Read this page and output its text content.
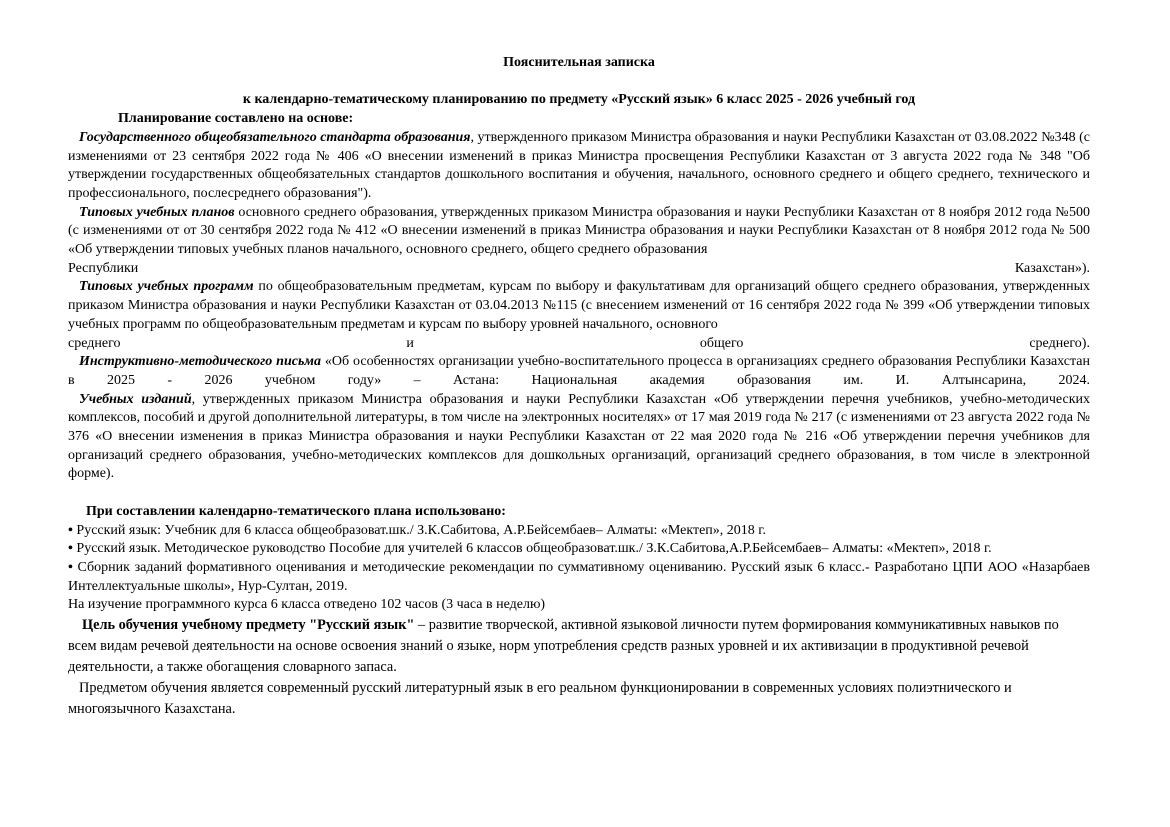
Пояснительная записка

к календарно-тематическому планированию по предмету «Русский язык» 6 класс 2025 - 2026 учебный год

Планирование составлено на основе:

Государственного общеобязательного стандарта образования, утвержденного приказом Министра образования и науки Республики Казахстан от 03.08.2022 №348 (с изменениями от 23 сентября 2022 года № 406 «О внесении изменений в приказ Министра просвещения Республики Казахстан от 3 августа 2022 года № 348 "Об утверждении государственных общеобязательных стандартов дошкольного воспитания и обучения, начального, основного среднего и общего среднего, технического и профессионального, послесреднего образования").

Типовых учебных планов основного среднего образования, утвержденных приказом Министра образования и науки Республики Казахстан от 8 ноября 2012 года №500 (с изменениями от от 30 сентября 2022 года № 412 «О внесении изменений в приказ Министра образования и науки Республики Казахстан от 8 ноября 2012 года № 500 «Об утверждении типовых учебных планов начального, основного среднего, общего среднего образования

Республики	Казахстан»).

Типовых учебных программ по общеобразовательным предметам, курсам по выбору и факультативам для организаций общего среднего образования, утвержденных приказом Министра образования и науки Республики Казахстан от 03.04.2013 №115 (с внесением изменений от 16 сентября 2022 года № 399 «Об утверждении типовых учебных программ по общеобразовательным предметам и курсам по выбору уровней начального, основного

среднего	и	общего	среднего).

Инструктивно-методического письма «Об особенностях организации учебно-воспитательного процесса в организациях среднего образования Республики Казахстан в 2025 - 2026 учебном году» – Астана: Национальная академия образования им. И. Алтынсарина, 2024.

Учебных изданий, утвержденных приказом Министра образования и науки Республики Казахстан «Об утверждении перечня учебников, учебно-методических комплексов, пособий и другой дополнительной литературы, в том числе на электронных носителях» от 17 мая 2019 года № 217 (с изменениями от 23 августа 2022 года № 376 «О внесении изменения в приказ Министра образования и науки Республики Казахстан от 22 мая 2020 года № 216 «Об утверждении перечня учебников для организаций среднего образования, учебно-методических комплексов для дошкольных организаций, организаций среднего образования, в том числе в электронной форме).

При составлении календарно-тематического плана использовано:

• Русский язык: Учебник для 6 класса общеобразоват.шк./ З.К.Сабитова, А.Р.Бейсембаев– Алматы: «Мектеп», 2018 г.

• Русский язык. Методическое руководство Пособие для учителей 6 классов общеобразоват.шк./ З.К.Сабитова,А.Р.Бейсембаев– Алматы: «Мектеп», 2018 г.

• Сборник заданий формативного оценивания и методические рекомендации по суммативному оцениванию. Русский язык 6 класс.- Разработано ЦПИ АОО «Назарбаев Интеллектуальные школы», Нур-Султан, 2019.

На изучение программного курса 6 класса отведено 102 часов (3 часа в неделю)

Цель обучения учебному предмету "Русский язык" – развитие творческой, активной языковой личности путем формирования коммуникативных навыков по всем видам речевой деятельности на основе освоения знаний о языке, норм употребления средств разных уровней и их активизации в продуктивной речевой деятельности, а также обогащения словарного запаса.

Предметом обучения является современный русский литературный язык в его реальном функционировании в современных условиях полиэтнического и многоязычного Казахстана.
